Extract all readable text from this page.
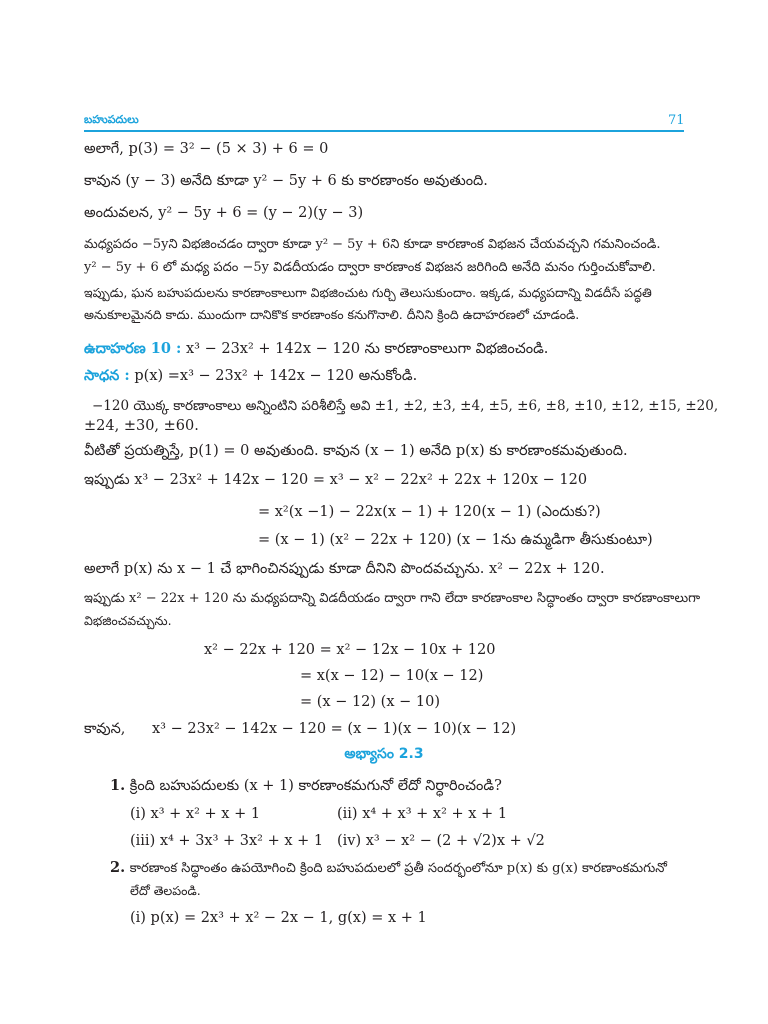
బహుపదులు	71
అలాగే, p(3) = 3² − (5 × 3) + 6 = 0
కావున (y − 3) అనేది కూడా y² − 5y + 6 కు కారణాంకం అవుతుంది.
అందువలన, y² − 5y + 6 = (y − 2)(y − 3)
మధ్యపదం −5yని విభజించడం ద్వారా కూడా y² − 5y + 6ని కూడా కారణాంక విభజన చేయవచ్చని గమనించండి.
y² − 5y + 6 లో మధ్య పదం −5y విడదీయడం ద్వారా కారణాంక విభజన జరిగింది అనేది మనం గుర్తించుకోవాలి.
ఇప్పుడు, ఘన బహుపదులను కారణాంకాలుగా విభజించుట గుర్చి తెలుసుకుందాం. ఇక్కడ, మధ్యపదాన్ని విడదీసే పద్ధతి
అనుకూలమైనది కాదు. ముందుగా దానికొక కారణాంకం కనుగొనాలి. దీనిని క్రింది ఉదాహరణలో చూడండి.
ఉదాహరణ 10 : x³ − 23x² + 142x − 120 ను కారణాంకాలుగా విభజించండి.
సాధన : p(x) =x³ − 23x² + 142x − 120 అనుకోండి.
−120 యొక్క కారణాంకాలు అన్నింటిని పరిశీలిస్తే అవి ±1, ±2, ±3, ±4, ±5, ±6, ±8, ±10, ±12, ±15, ±20,
±24, ±30, ±60.
వీటితో ప్రయత్నిస్తే, p(1) = 0 అవుతుంది. కావున (x − 1) అనేది p(x) కు కారణాంకమవుతుంది.
ఇప్పుడు x³ − 23x² + 142x − 120 = x³ − x² − 22x² + 22x + 120x − 120
= x²(x −1) − 22x(x − 1) + 120(x − 1) (ఎందుకు?)
= (x − 1) (x² − 22x + 120) (x − 1ను ఉమ్మడిగా తీసుకుంటూ)
అలాగే p(x) ను x − 1 చే భాగించినప్పుడు కూడా దీనిని పొందవచ్చును. x² − 22x + 120.
ఇప్పుడు x² − 22x + 120 ను మధ్యపదాన్ని విడదీయడం ద్వారా గాని లేదా కారణాంకాల సిద్ధాంతం ద్వారా కారణాంకాలుగా
విభజించవచ్చును.
x² − 22x + 120 = x² − 12x − 10x + 120
= x(x − 12) − 10(x − 12)
= (x − 12) (x − 10)
కావున, x³ − 23x² − 142x − 120 = (x − 1)(x − 10)(x − 12)
అభ్యాసం 2.3
1. క్రింది బహుపదులకు (x + 1) కారణాంకమగునో లేదో నిర్ధారించండి?
(i) x³ + x² + x + 1	(ii) x⁴ + x³ + x² + x + 1
(iii) x⁴ + 3x³ + 3x² + x + 1 (iv) x³ − x² − (2 + √2)x + √2
2. కారణాంక సిద్ధాంతం ఉపయోగించి క్రింది బహుపదులలో ప్రతీ సందర్భంలోనూ p(x) కు g(x) కారణాంకమగునో
లేదో తెలపండి.
(i) p(x) = 2x³ + x² − 2x − 1, g(x) = x + 1
